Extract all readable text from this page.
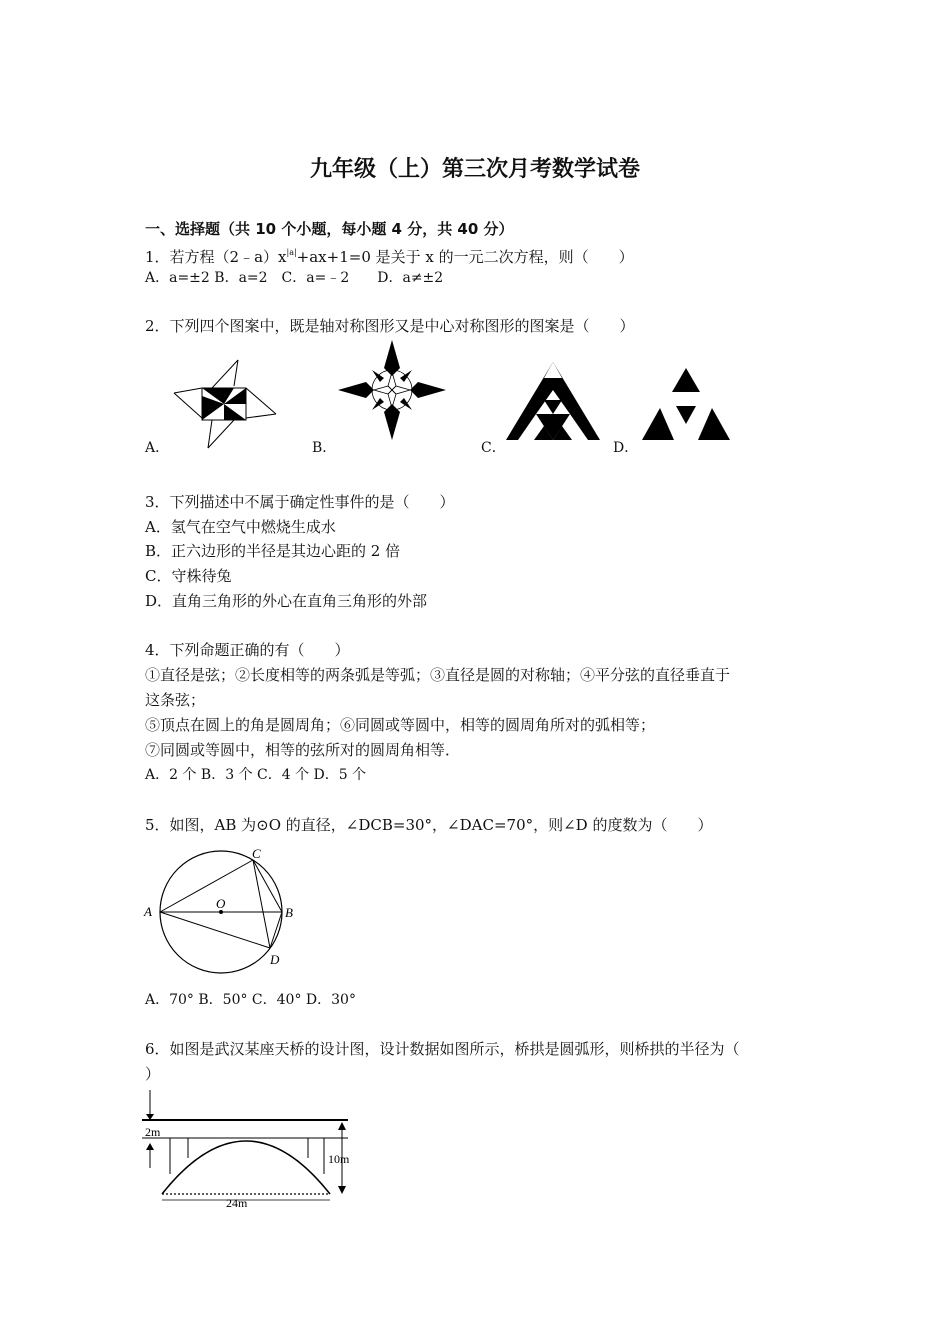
九年级（上）第三次月考数学试卷
一、选择题（共 10 个小题，每小题 4 分，共 40 分）
1．若方程$(2﹣a)x^{|a|}+ax+1=0$ 是关于 x 的一元二次方程，则（　　）
A．a=±2 B．a=2　C．a=﹣2　　D．a≠±2
2．下列四个图案中，既是轴对称图形又是中心对称图形的图案是（　　）
A．	B．	C．	D．
3．下列描述中不属于确定性事件的是（　　）
A．氢气在空气中燃烧生成水
B．正六边形的半径是其边心距的 2 倍
C．守株待兔
D．直角三角形的外心在直角三角形的外部
4．下列命题正确的有（　　）
①直径是弦；②长度相等的两条弧是等弧；③直径是圆的对称轴；④平分弦的直径垂直于
这条弦；
⑤顶点在圆上的角是圆周角；⑥同圆或等圆中，相等的圆周角所对的弧相等；
⑦同圆或等圆中，相等的弦所对的圆周角相等．
A．2 个 B．3 个 C．4 个 D．5 个
5．如图，AB 为⊙O 的直径，∠DCB=30°，∠DAC=70°，则∠D 的度数为（　　）
A	B
C
D
O
A．70° B．50° C．40° D．30°
6．如图是武汉某座天桥的设计图，设计数据如图所示，桥拱是圆弧形，则桥拱的半径为（
）
2m
10m
24m
